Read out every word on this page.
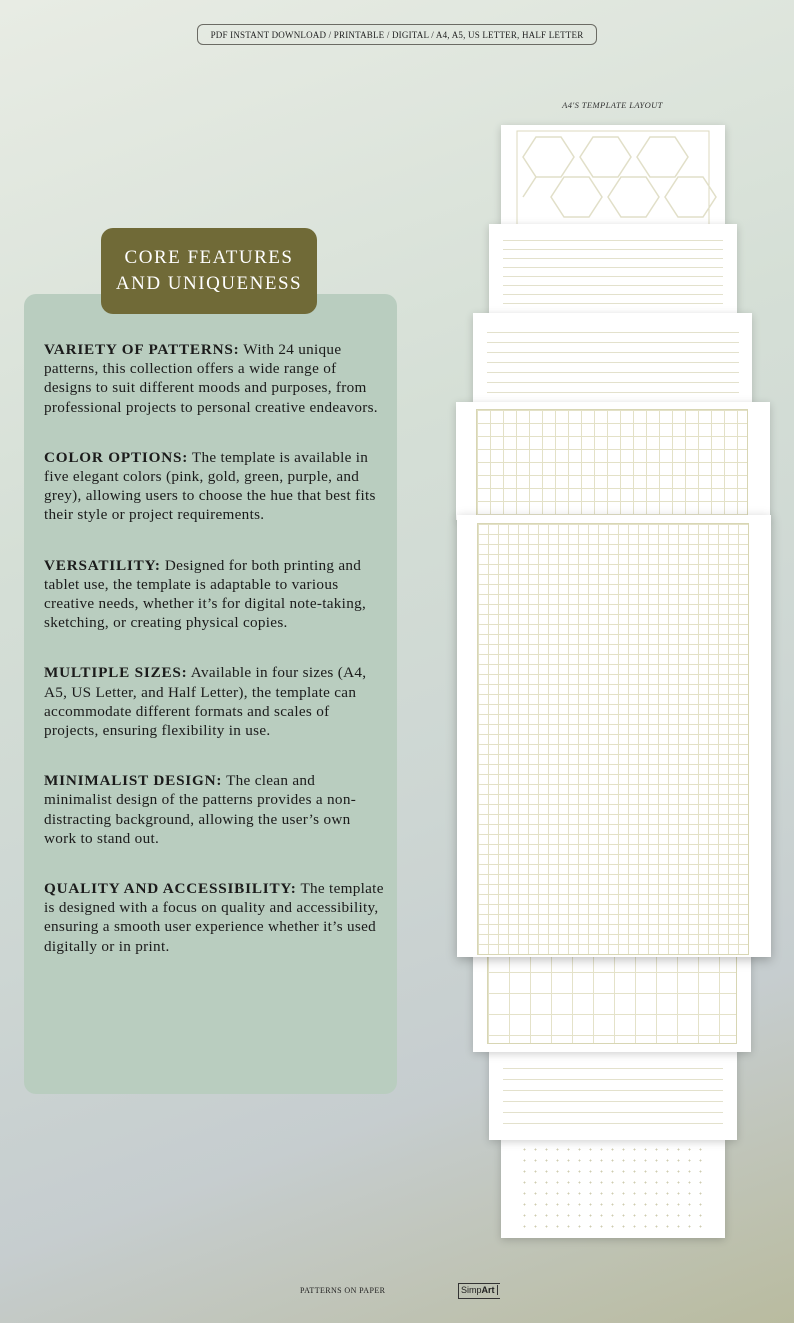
PDF INSTANT DOWNLOAD / PRINTABLE / DIGITAL / A4, A5, US LETTER, HALF LETTER
A4'S TEMPLATE LAYOUT
CORE FEATURES
AND UNIQUENESS

VARIETY OF PATTERNS: With 24 unique patterns, this collection offers a wide range of designs to suit different moods and purposes, from professional projects to personal creative endeavors.

COLOR OPTIONS: The template is available in five elegant colors (pink, gold, green, purple, and grey), allowing users to choose the hue that best fits their style or project requirements.

VERSATILITY: Designed for both printing and tablet use, the template is adaptable to various creative needs, whether it’s for digital note-taking, sketching, or creating physical copies.

MULTIPLE SIZES: Available in four sizes (A4, A5, US Letter, and Half Letter), the template can accommodate different formats and scales of projects, ensuring flexibility in use.

MINIMALIST DESIGN: The clean and minimalist design of the patterns provides a non-distracting background, allowing the user’s own work to stand out.

QUALITY AND ACCESSIBILITY: The template is designed with a focus on quality and accessibility, ensuring a smooth user experience whether it’s used digitally or in print.

PATTERNS ON PAPER	SimpArt
